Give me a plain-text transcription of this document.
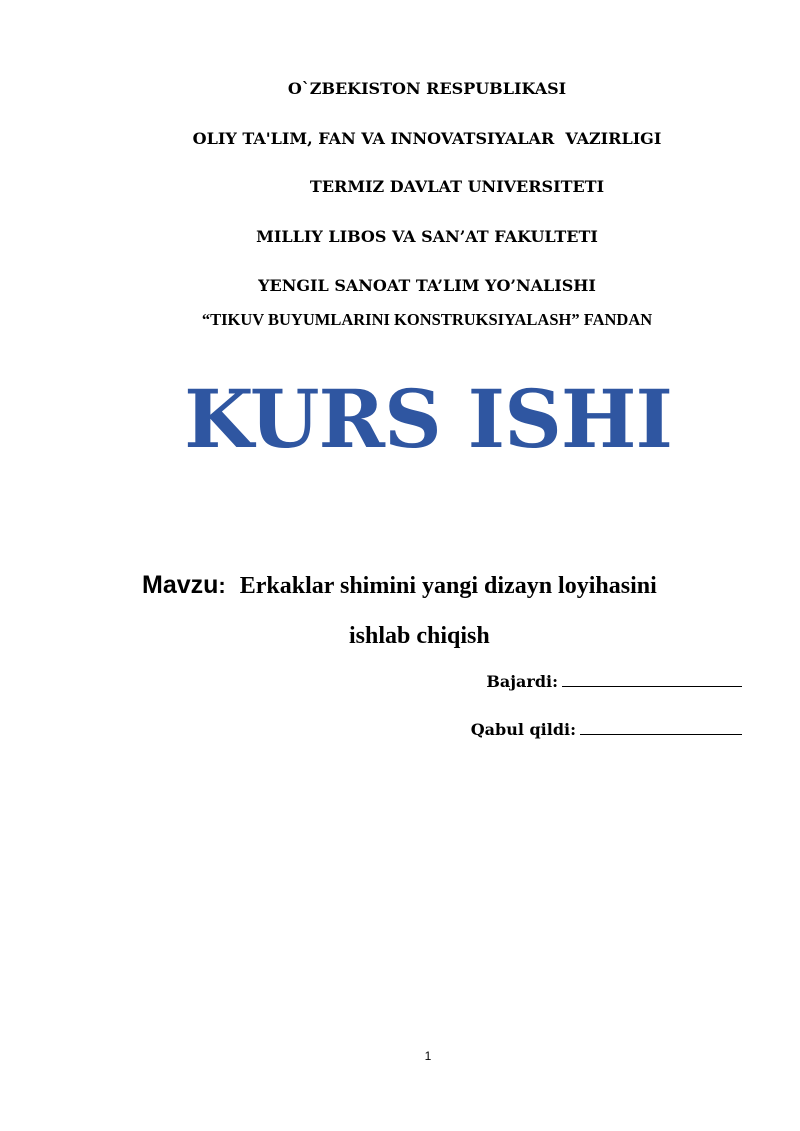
O`ZBEKISTON RESPUBLIKASI
OLIY TA'LIM, FAN VA INNOVATSIYALAR  VAZIRLIGI
TERMIZ DAVLAT UNIVERSITETI
MILLIY LIBOS VA SAN’AT FAKULTETI
YENGIL SANOAT TA’LIM YO’NALISHI
“TIKUV BUYUMLARINI KONSTRUKSIYALASH” FANDAN
KURS ISHI
Mavzu: Erkaklar shimini yangi dizayn loyihasini
ishlab chiqish
Bajardi:
Qabul qildi:
1
